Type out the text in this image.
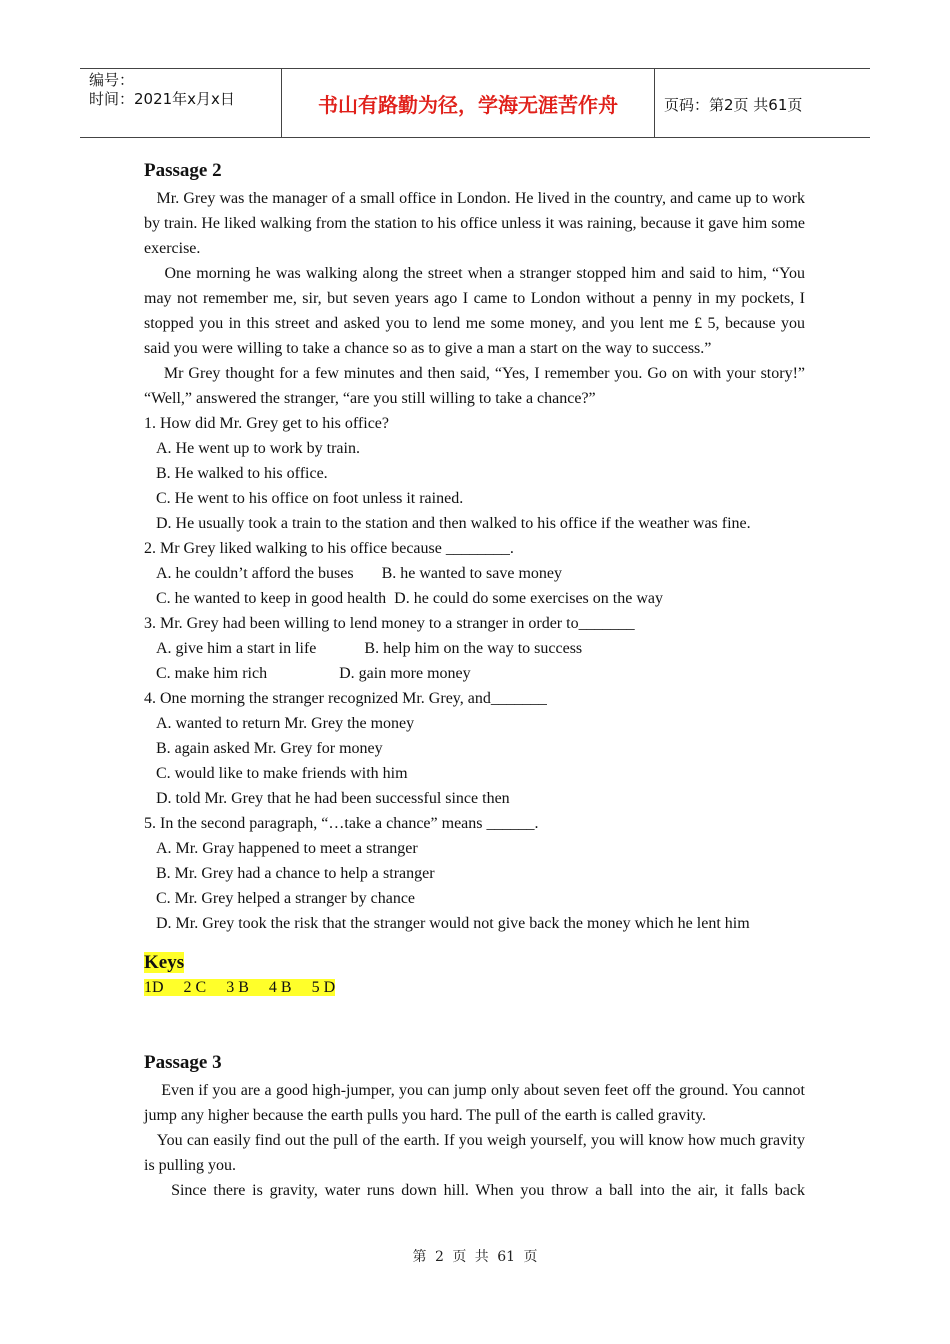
编号：
时间：2021年x月x日	书山有路勤为径，学海无涯苦作舟	页码：第2页 共61页

Passage 2

Mr. Grey was the manager of a small office in London. He lived in the country, and came up to work by train. He liked walking from the station to his office unless it was raining, because it gave him some exercise.

One morning he was walking along the street when a stranger stopped him and said to him, “You may not remember me, sir, but seven years ago I came to London without a penny in my pockets, I stopped you in this street and asked you to lend me some money, and you lent me £ 5, because you said you were willing to take a chance so as to give a man a start on the way to success.”

Mr Grey thought for a few minutes and then said, “Yes, I remember you. Go on with your story!” “Well,” answered the stranger, “are you still willing to take a chance?”

1. How did Mr. Grey get to his office?

A. He went up to work by train.

B. He walked to his office.

C. He went to his office on foot unless it rained.

D. He usually took a train to the station and then walked to his office if the weather was fine.

2. Mr Grey liked walking to his office because ________.

A. he couldn’t afford the buses       B. he wanted to save money

C. he wanted to keep in good health  D. he could do some exercises on the way

3. Mr. Grey had been willing to lend money to a stranger in order to_______

A. give him a start in life            B. help him on the way to success

C. make him rich                  D. gain more money

4. One morning the stranger recognized Mr. Grey, and_______

A. wanted to return Mr. Grey the money

B. again asked Mr. Grey for money

C. would like to make friends with him

D. told Mr. Grey that he had been successful since then

5. In the second paragraph, “…take a chance” means ______.

A. Mr. Gray happened to meet a stranger

B. Mr. Grey had a chance to help a stranger

C. Mr. Grey helped a stranger by chance

D. Mr. Grey took the risk that the stranger would not give back the money which he lent him

Keys
1D     2 C     3 B     4 B     5 D

Passage 3

Even if you are a good high-jumper, you can jump only about seven feet off the ground. You cannot jump any higher because the earth pulls you hard. The pull of the earth is called gravity.

You can easily find out the pull of the earth. If you weigh yourself, you will know how much gravity is pulling you.

Since there is gravity, water runs down hill. When you throw a ball into the air, it falls back

第 2 页 共 61 页
